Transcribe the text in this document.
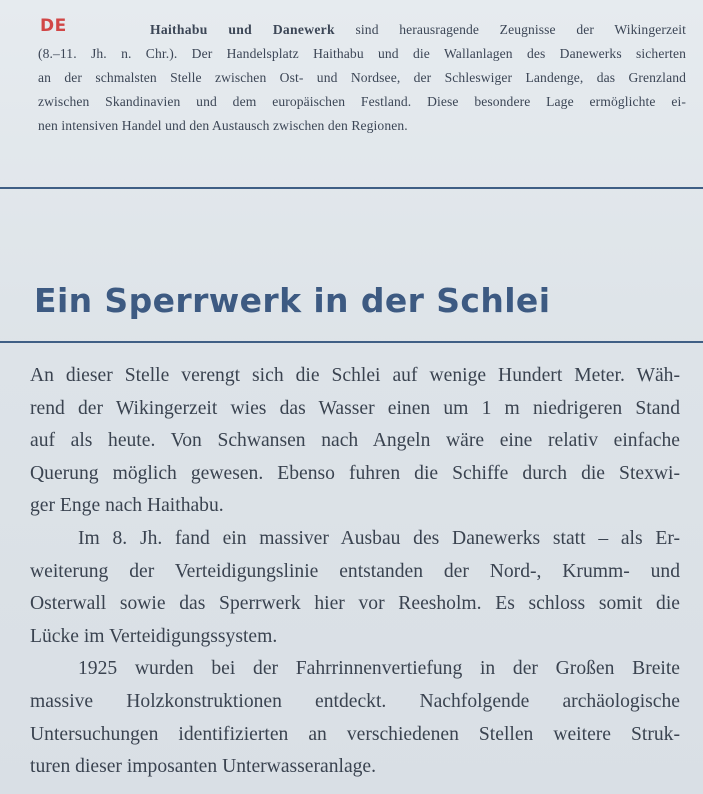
DE	Haithabu und Danewerk sind herausragende Zeugnisse der Wikingerzeit
(8.–11. Jh. n. Chr.). Der Handelsplatz Haithabu und die Wallanlagen des Danewerks sicherten
an der schmalsten Stelle zwischen Ost- und Nordsee, der Schleswiger Landenge, das Grenzland
zwischen Skandinavien und dem europäischen Festland. Diese besondere Lage ermöglichte ei-
nen intensiven Handel und den Austausch zwischen den Regionen.
Ein Sperrwerk in der Schlei
An dieser Stelle verengt sich die Schlei auf wenige Hundert Meter. Wäh-
rend der Wikingerzeit wies das Wasser einen um 1 m niedrigeren Stand
auf als heute. Von Schwansen nach Angeln wäre eine relativ einfache
Querung möglich gewesen. Ebenso fuhren die Schiffe durch die Stexwi-
ger Enge nach Haithabu.
Im 8. Jh. fand ein massiver Ausbau des Danewerks statt – als Er-
weiterung der Verteidigungslinie entstanden der Nord-, Krumm- und
Osterwall sowie das Sperrwerk hier vor Reesholm. Es schloss somit die
Lücke im Verteidigungssystem.
1925 wurden bei der Fahrrinnenvertiefung in der Großen Breite
massive Holzkonstruktionen entdeckt. Nachfolgende archäologische
Untersuchungen identifizierten an verschiedenen Stellen weitere Struk-
turen dieser imposanten Unterwasseranlage.
